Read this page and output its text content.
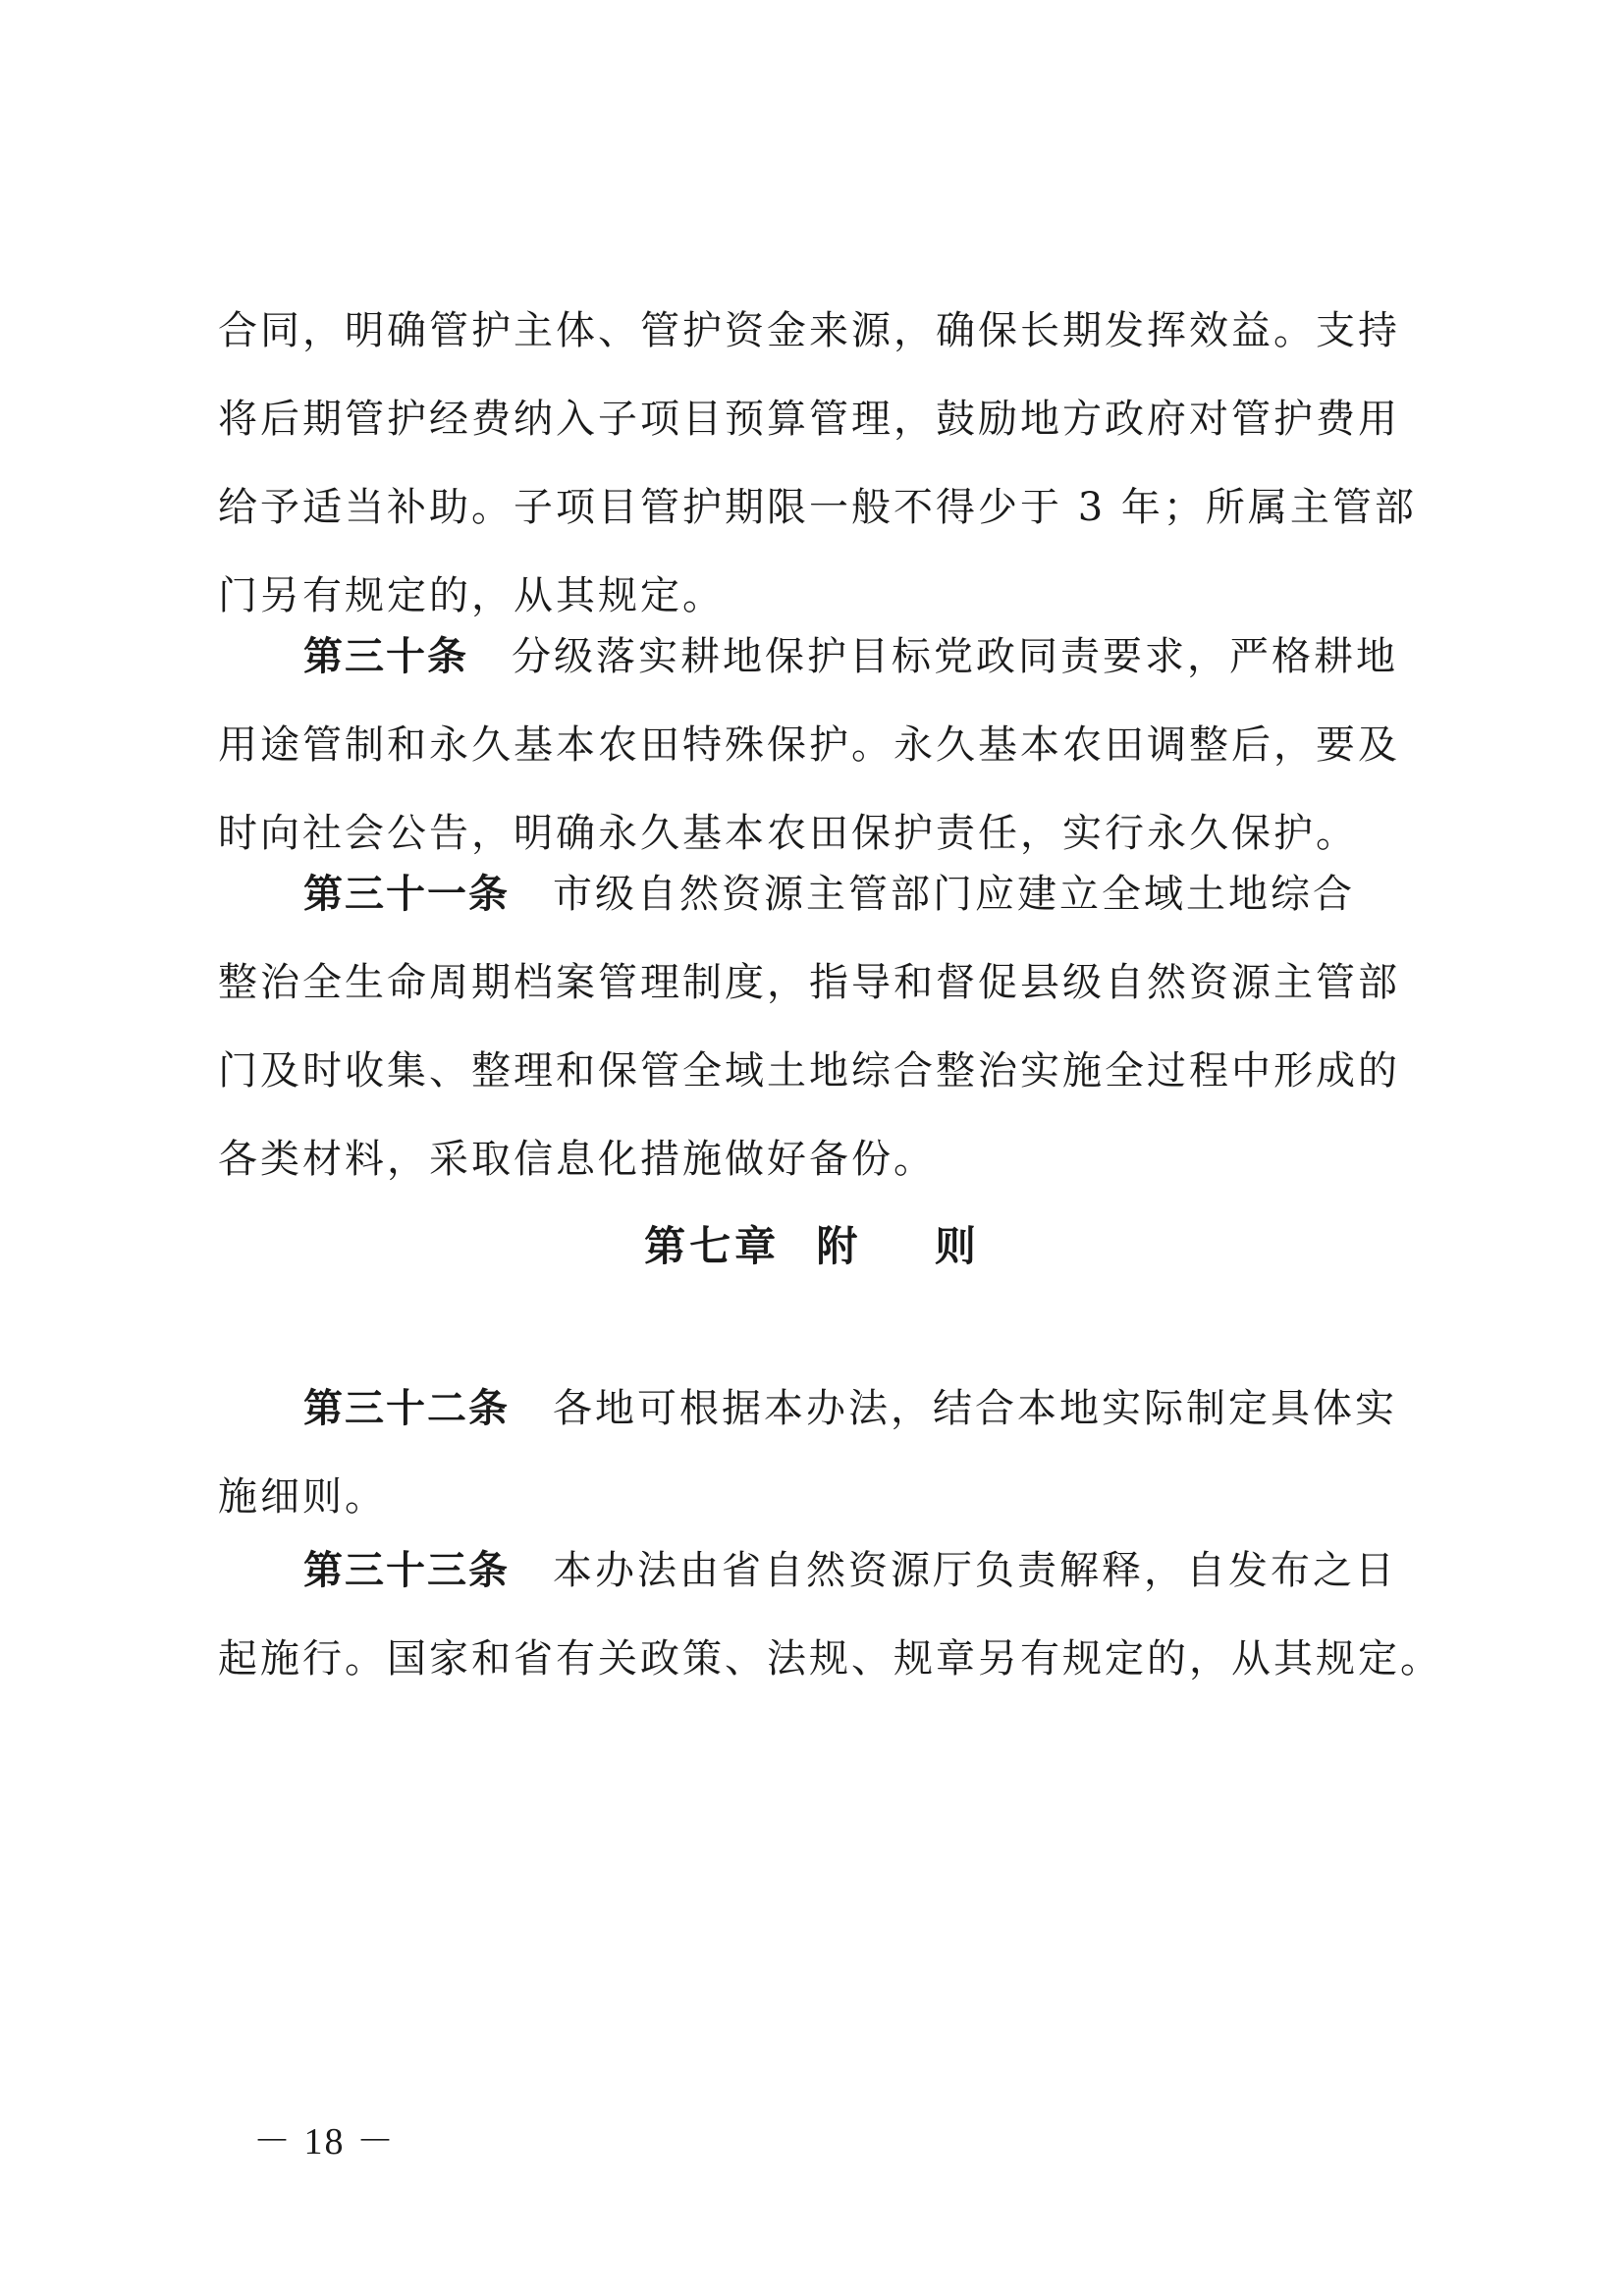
合同，明确管护主体、管护资金来源，确保长期发挥效益。支持
将后期管护经费纳入子项目预算管理，鼓励地方政府对管护费用
给予适当补助。子项目管护期限一般不得少于 3 年；所属主管部
门另有规定的，从其规定。
第三十条 分级落实耕地保护目标党政同责要求，严格耕地
用途管制和永久基本农田特殊保护。永久基本农田调整后，要及
时向社会公告，明确永久基本农田保护责任，实行永久保护。
第三十一条 市级自然资源主管部门应建立全域土地综合
整治全生命周期档案管理制度，指导和督促县级自然资源主管部
门及时收集、整理和保管全域土地综合整治实施全过程中形成的
各类材料，采取信息化措施做好备份。
第七章  附    则
第三十二条 各地可根据本办法，结合本地实际制定具体实
施细则。
第三十三条 本办法由省自然资源厅负责解释，自发布之日
起施行。国家和省有关政策、法规、规章另有规定的，从其规定。
－ 18 －
